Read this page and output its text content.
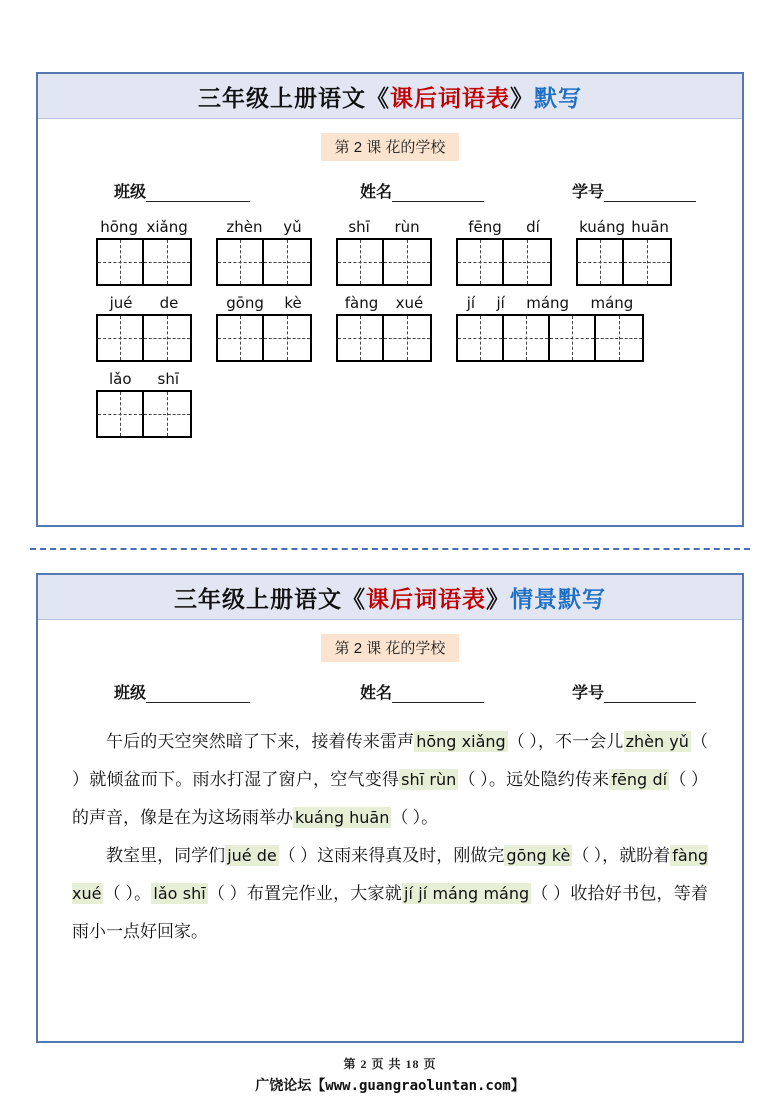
三年级上册语文《课后词语表》默写
第 2 课 花的学校
班级	姓名	学号
hōng xiǎng	zhèn	yǔ	shī	rùn	fēng	dí	kuáng huān
jué	de	gōng	kè	fàng	xué	jí	jí	máng	máng
lǎo	shī
三年级上册语文《课后词语表》情景默写
第 2 课 花的学校
班级	姓名	学号

午后的天空突然暗了下来，接着传来雷声 hōng xiǎng （ ），不一会儿 zhèn yǔ （ ）就倾盆而下。雨水打湿了窗户，空气变得 shī rùn （ ）。远处隐约传来 fēng dí （ ）的声音，像是在为这场雨举办 kuáng huān （ ）。

教室里，同学们 jué de （ ）这雨来得真及时，刚做完 gōng kè （ ），就盼着 fàng xué （ ）。 lǎo shī （ ）布置完作业，大家就 jí jí máng máng （ ）收拾好书包，等着雨小一点好回家。

第 2 页 共 18 页
广饶论坛【www.guangraoluntan.com】
